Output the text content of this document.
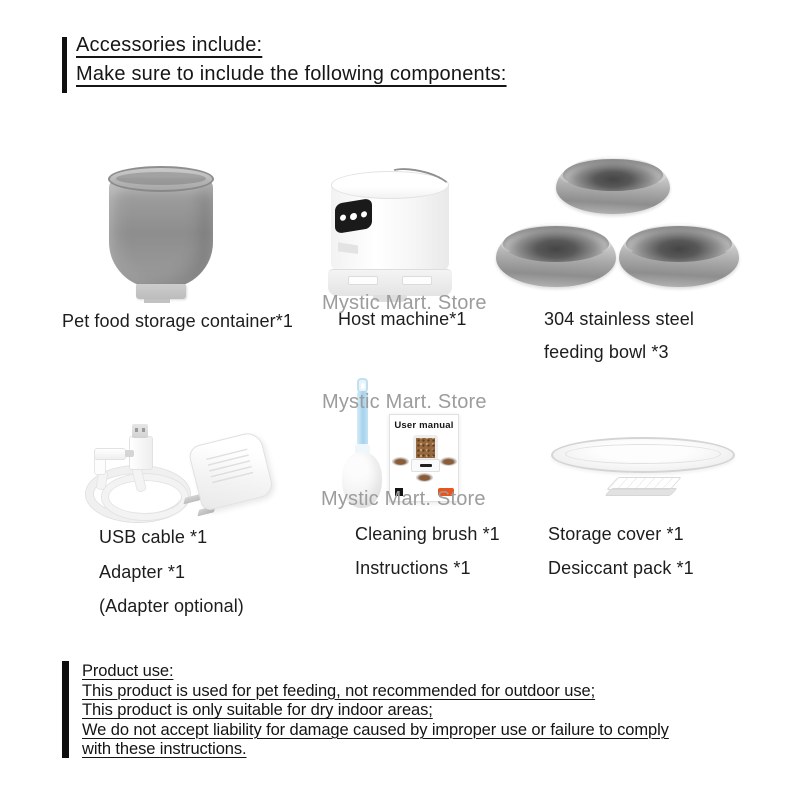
Accessories include:
Make sure to include the following components:
Pet food storage container*1	Host machine*1	304 stainless steel
feeding bowl *3
User manual
USB cable *1
Adapter *1
(Adapter optional)
Cleaning brush *1
Instructions *1
Storage cover *1
Desiccant pack *1
Mystic Mart. Store
Mystic Mart. Store
Mystic Mart. Store
Product use:
This product is used for pet feeding, not recommended for outdoor use;
This product is only suitable for dry indoor areas;
We do not accept liability for damage caused by improper use or failure to comply
with these instructions.
